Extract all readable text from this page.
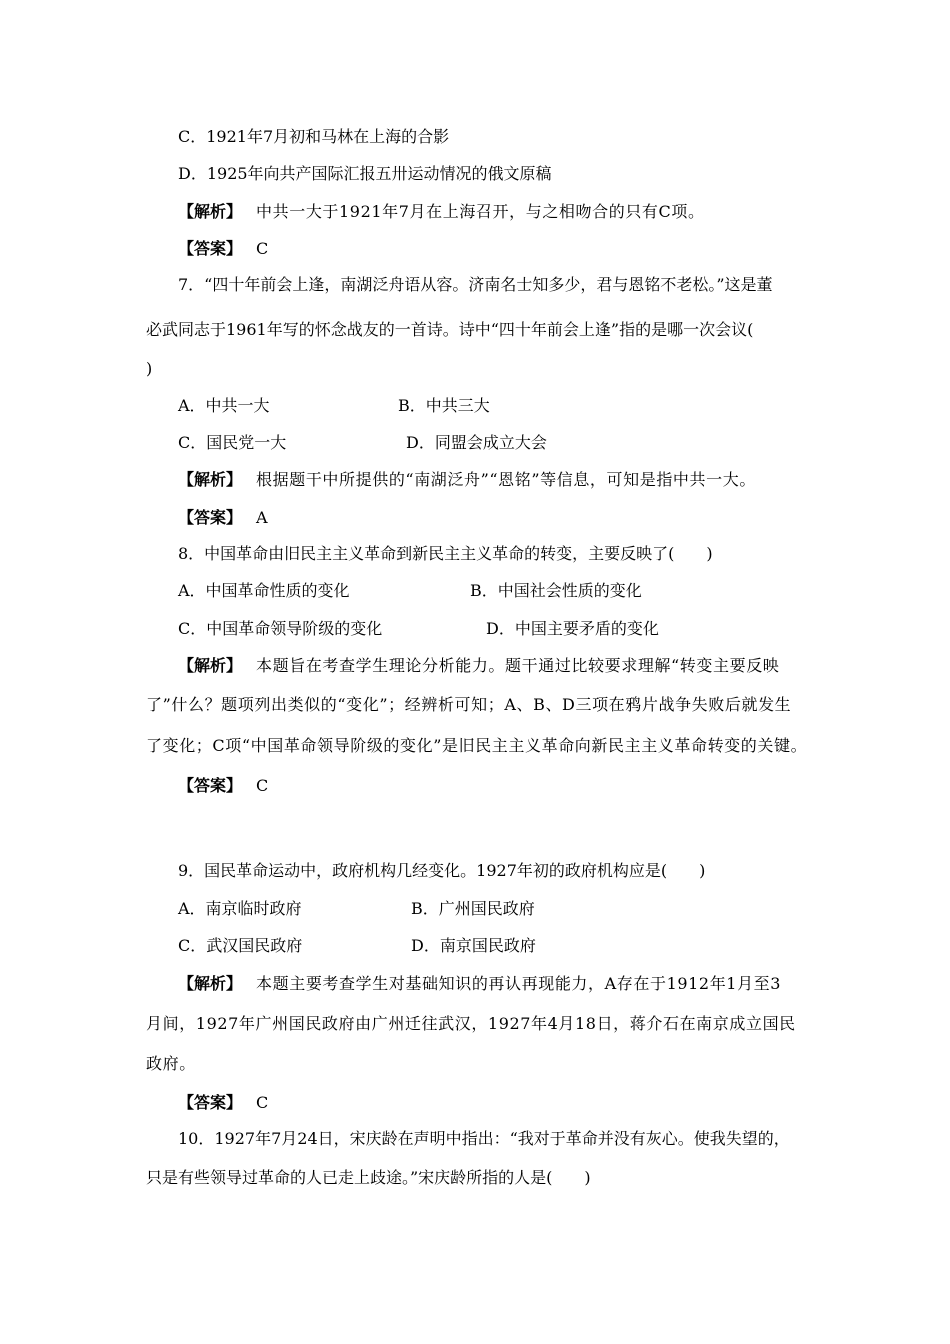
C．1921年7月初和马林在上海的合影
D．1925年向共产国际汇报五卅运动情况的俄文原稿
【解析】 中共一大于1921年7月在上海召开，与之相吻合的只有C项。
【答案】 C
7．“四十年前会上逢，南湖泛舟语从容。济南名士知多少，君与恩铭不老松。”这是董
必武同志于1961年写的怀念战友的一首诗。诗中“四十年前会上逢”指的是哪一次会议(
)
A．中共一大	B．中共三大
C．国民党一大	D．同盟会成立大会
【解析】 根据题干中所提供的“南湖泛舟”“恩铭”等信息，可知是指中共一大。
【答案】 A
8．中国革命由旧民主主义革命到新民主主义革命的转变，主要反映了(　　)
A．中国革命性质的变化	B．中国社会性质的变化
C．中国革命领导阶级的变化	D．中国主要矛盾的变化
【解析】 本题旨在考查学生理论分析能力。题干通过比较要求理解“转变主要反映
了”什么？题项列出类似的“变化”；经辨析可知；A、B、D三项在鸦片战争失败后就发生
了变化；C项“中国革命领导阶级的变化”是旧民主主义革命向新民主主义革命转变的关键。
【答案】 C
9．国民革命运动中，政府机构几经变化。1927年初的政府机构应是(　　)
A．南京临时政府	B．广州国民政府
C．武汉国民政府	D．南京国民政府
【解析】 本题主要考查学生对基础知识的再认再现能力，A存在于1912年1月至3
月间，1927年广州国民政府由广州迁往武汉，1927年4月18日，蒋介石在南京成立国民
政府。
【答案】 C
10．1927年7月24日，宋庆龄在声明中指出：“我对于革命并没有灰心。使我失望的，
只是有些领导过革命的人已走上歧途。”宋庆龄所指的人是(　　)
